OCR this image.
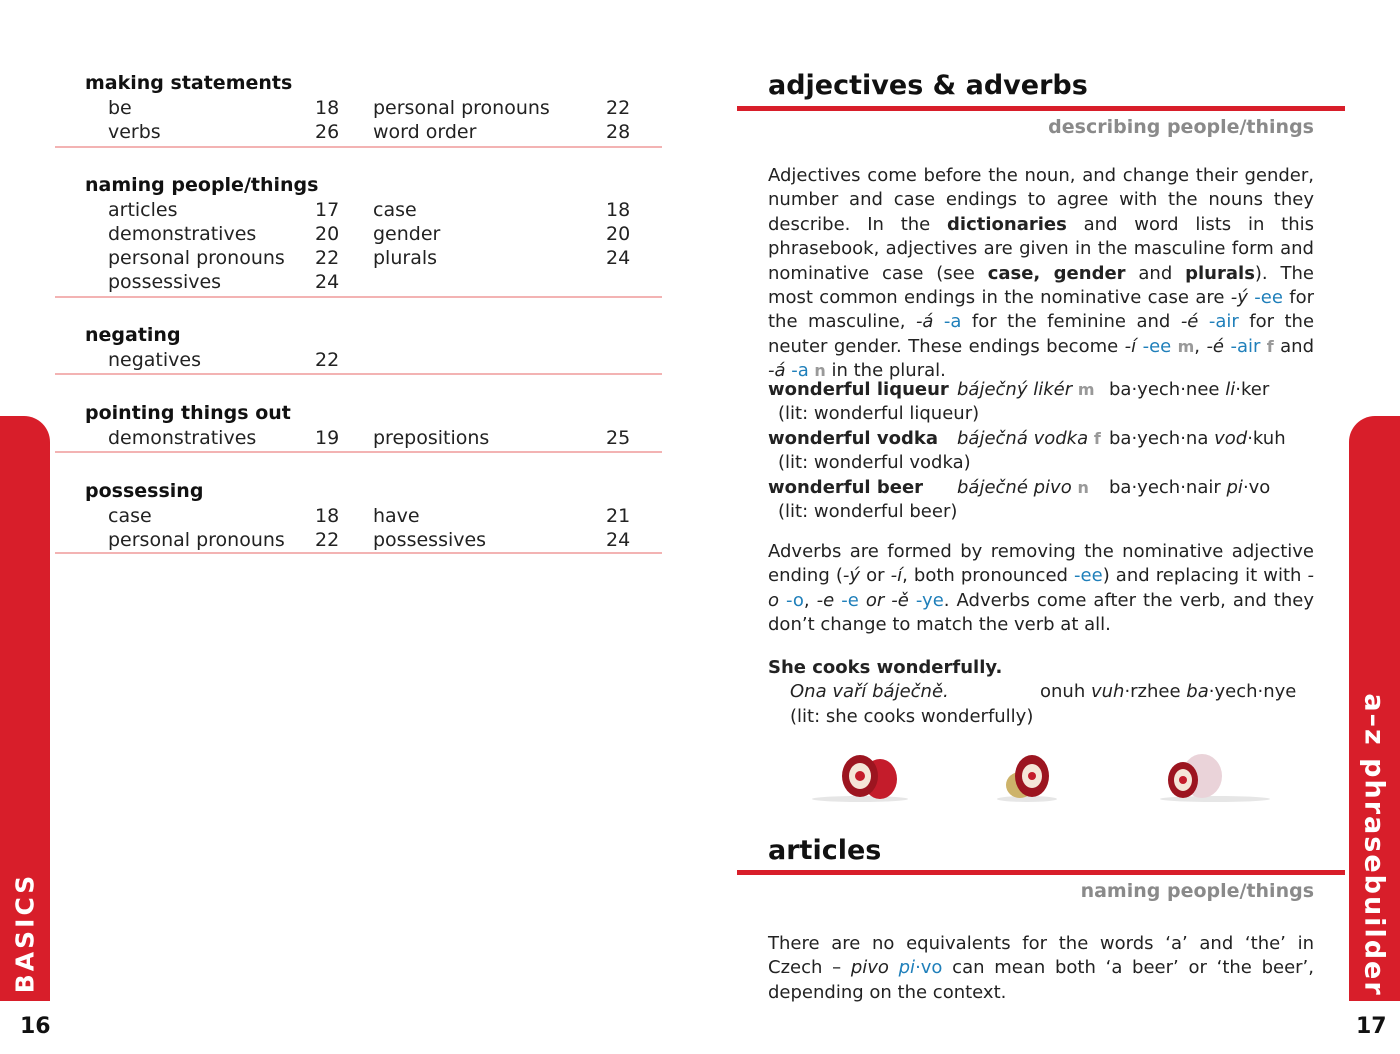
making statements
be	18 personal pronouns	22
verbs	26 word order	28
naming people/things
articles	17 case	18
demonstratives	20 gender	20
personal pronouns 22 plurals	24
possessives	24
negating
negatives	22
pointing things out
demonstratives	19 prepositions	25
possessing
case	18 have	21
personal pronouns 22 possessives	24
BASICS
16
adjectives & adverbs
describing people/things
Adjectives come before the noun, and change their gender, number and case endings to agree with the nouns they describe. In the dictionaries and word lists in this phrasebook, adjectives are given in the masculine form and nominative case (see case, gender and plurals). The most common endings in the nominative case are -ý -ee for the masculine, -á -a for the feminine and -é -air for the neuter gender. These endings become -í -ee m, -é -air f and -á -a n in the plural.
wonderful liqueur báječný likér m ba·yech·nee li·ker
(lit: wonderful liqueur)
wonderful vodka báječná vodka f ba·yech·na vod·kuh
(lit: wonderful vodka)
wonderful beer báječné pivo n ba·yech·nair pi·vo
(lit: wonderful beer)
Adverbs are formed by removing the nominative adjective ending (-ý or -í, both pronounced -ee) and replacing it with -o -o, -e -e or -ě -ye. Adverbs come after the verb, and they don’t change to match the verb at all.
She cooks wonderfully.
Ona vaří báječně.	onuh vuh·rzhee ba·yech·nye
(lit: she cooks wonderfully)
articles
naming people/things
There are no equivalents for the words ‘a’ and ‘the’ in Czech – pivo pi·vo can mean both ‘a beer’ or ‘the beer’, depending on the context.	a–z phrasebuilder
17
